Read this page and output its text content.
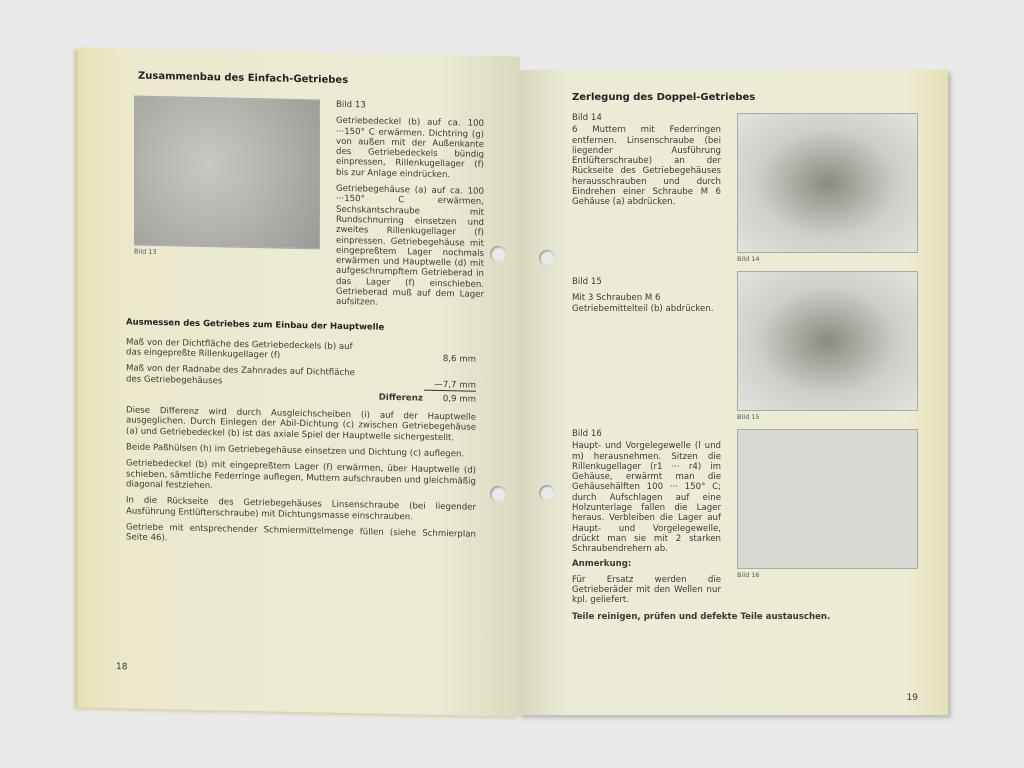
Zusammenbau des Einfach-Getriebes
Bild 13

Bild 13

Getriebedeckel (b) auf ca. 100 ···150° C erwärmen. Dichtring (g) von außen mit der Außenkante des Getriebedeckels bündig einpressen, Rillenkugellager (f) bis zur Anlage eindrücken.

Getriebegehäuse (a) auf ca. 100 ···150° C erwärmen, Sechskantschraube mit Rundschnurring einsetzen und zweites Rillenkugellager (f) einpressen. Getriebegehäuse mit eingepreßtem Lager nochmals erwärmen und Hauptwelle (d) mit aufgeschrumpftem Getrieberad in das Lager (f) einschieben. Getrieberad muß auf dem Lager aufsitzen.

Ausmessen des Getriebes zum Einbau der Hauptwelle
Maß von der Dichtfläche des Getriebedeckels (b) auf das eingepreßte Rillenkugellager (f)	8,6 mm
Maß von der Radnabe des Zahnrades auf Dichtfläche des Getriebegehäuses	—7,7 mm
Differenz 0,9 mm

Diese Differenz wird durch Ausgleichscheiben (i) auf der Hauptwelle ausgeglichen. Durch Einlegen der Abil-Dichtung (c) zwischen Getriebegehäuse (a) und Getriebedeckel (b) ist das axiale Spiel der Hauptwelle sichergestellt.

Beide Paßhülsen (h) im Getriebegehäuse einsetzen und Dichtung (c) auflegen.

Getriebedeckel (b) mit eingepreßtem Lager (f) erwärmen, über Hauptwelle (d) schieben, sämtliche Federringe auflegen, Muttern aufschrauben und gleichmäßig diagonal festziehen.

In die Rückseite des Getriebegehäuses Linsenschraube (bei liegender Ausführung Entlüfterschraube) mit Dichtungsmasse einschrauben.

Getriebe mit entsprechender Schmiermittelmenge füllen (siehe Schmierplan Seite 46).

18
Zerlegung des Doppel-Getriebes

Bild 14

6 Muttern mit Federringen entfernen. Linsenschraube (bei liegender Ausführung Entlüfterschraube) an der Rückseite des Getriebegehäuses herausschrauben und durch Eindrehen einer Schraube M 6 Gehäuse (a) abdrücken.

Bild 14

Bild 15

Mit 3 Schrauben M 6 Getriebemittelteil (b) abdrücken.

Bild 15

Bild 16

Haupt- und Vorgelegewelle (l und m) herausnehmen. Sitzen die Rillenkugellager (r1 ··· r4) im Gehäuse, erwärmt man die Gehäusehälften 100 ··· 150° C; durch Aufschlagen auf eine Holzunterlage fallen die Lager heraus. Verbleiben die Lager auf Haupt- und Vorgelegewelle, drückt man sie mit 2 starken Schraubendrehern ab.

Anmerkung:

Für Ersatz werden die Getrieberäder mit den Wellen nur kpl. geliefert.

Bild 16
Teile reinigen, prüfen und defekte Teile austauschen.
19
